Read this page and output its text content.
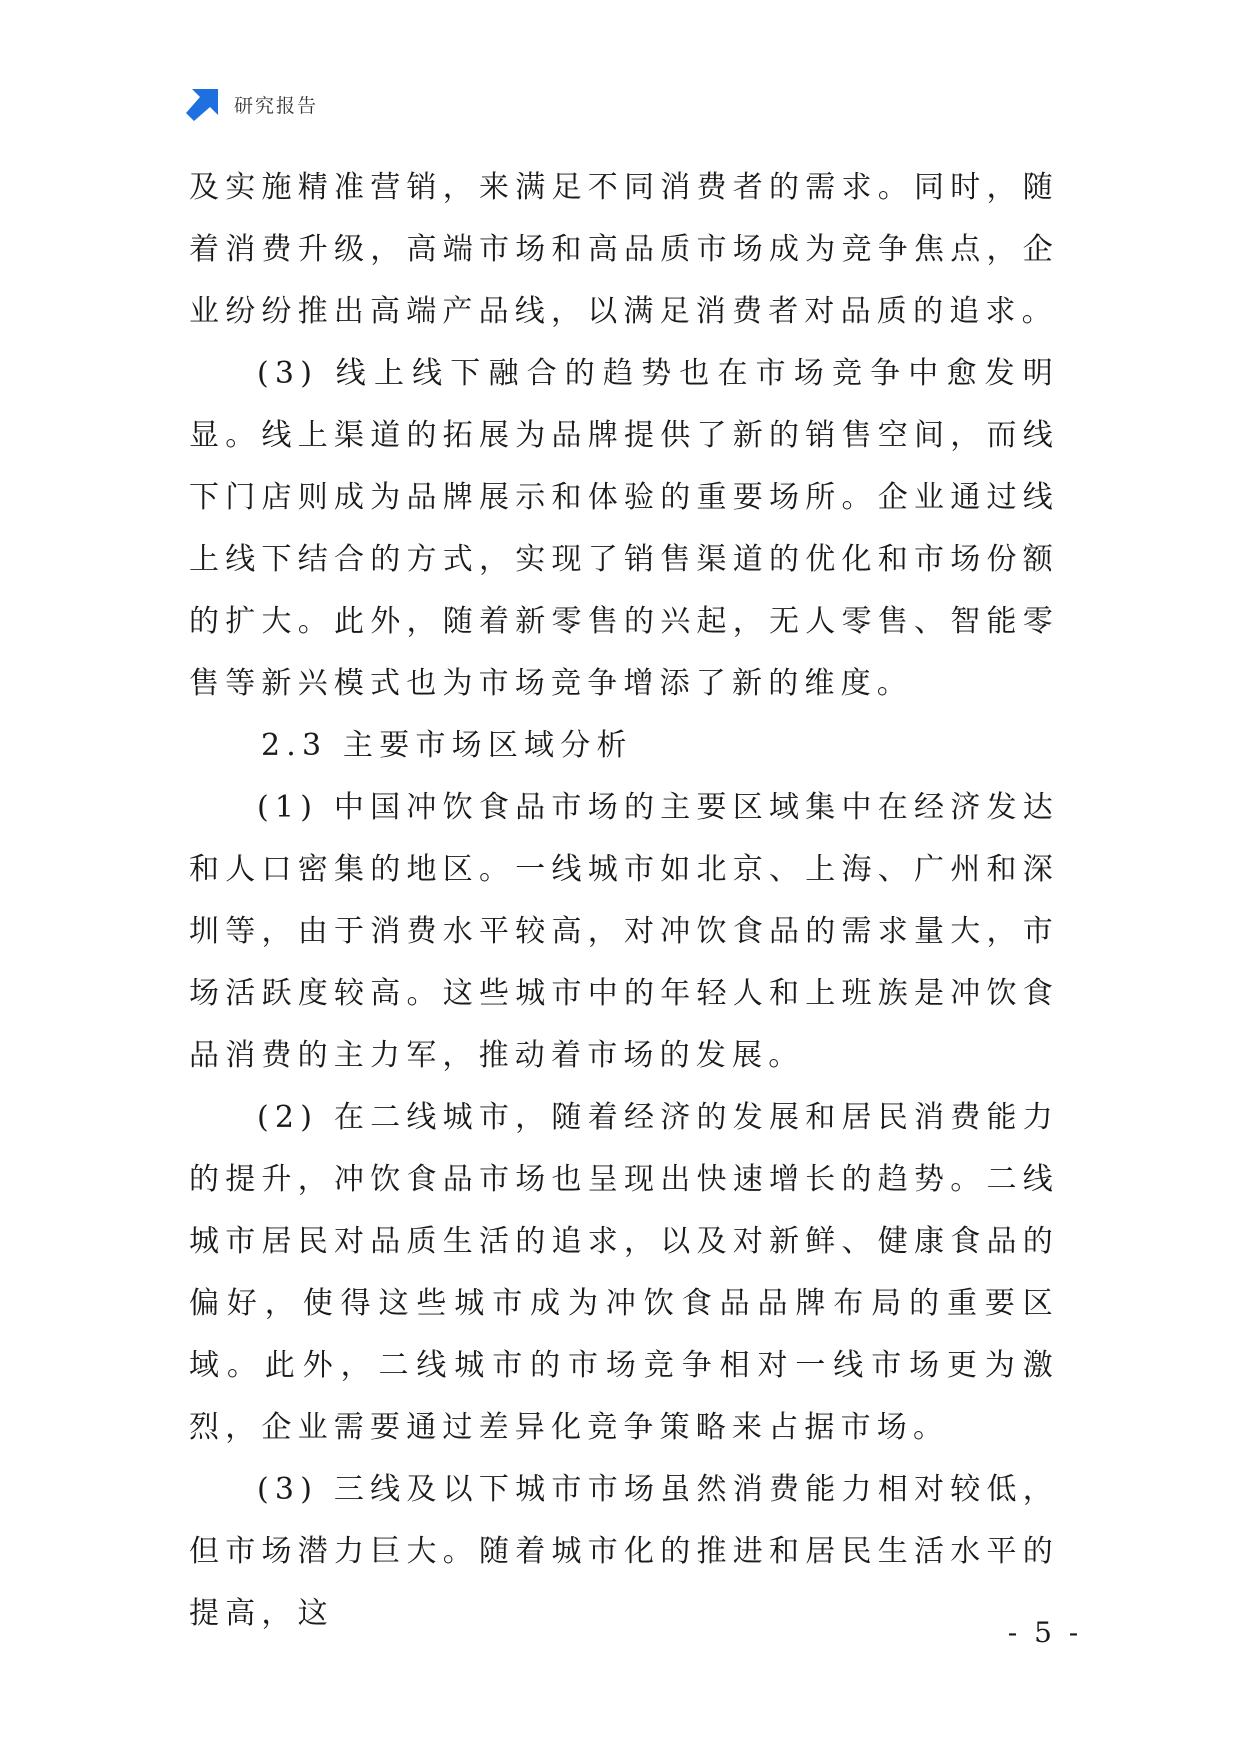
研究报告

及实施精准营销，来满足不同消费者的需求。同时，随着消费升级，高端市场和高品质市场成为竞争焦点，企业纷纷推出高端产品线，以满足消费者对品质的追求。

(3) 线上线下融合的趋势也在市场竞争中愈发明显。线上渠道的拓展为品牌提供了新的销售空间，而线下门店则成为品牌展示和体验的重要场所。企业通过线上线下结合的方式，实现了销售渠道的优化和市场份额的扩大。此外，随着新零售的兴起，无人零售、智能零售等新兴模式也为市场竞争增添了新的维度。

2.3 主要市场区域分析

(1) 中国冲饮食品市场的主要区域集中在经济发达和人口密集的地区。一线城市如北京、上海、广州和深圳等，由于消费水平较高，对冲饮食品的需求量大，市场活跃度较高。这些城市中的年轻人和上班族是冲饮食品消费的主力军，推动着市场的发展。

(2) 在二线城市，随着经济的发展和居民消费能力的提升，冲饮食品市场也呈现出快速增长的趋势。二线城市居民对品质生活的追求，以及对新鲜、健康食品的偏好，使得这些城市成为冲饮食品品牌布局的重要区域。此外，二线城市的市场竞争相对一线市场更为激烈，企业需要通过差异化竞争策略来占据市场。

(3) 三线及以下城市市场虽然消费能力相对较低，但市场潜力巨大。随着城市化的推进和居民生活水平的提高，这

- 5 -
